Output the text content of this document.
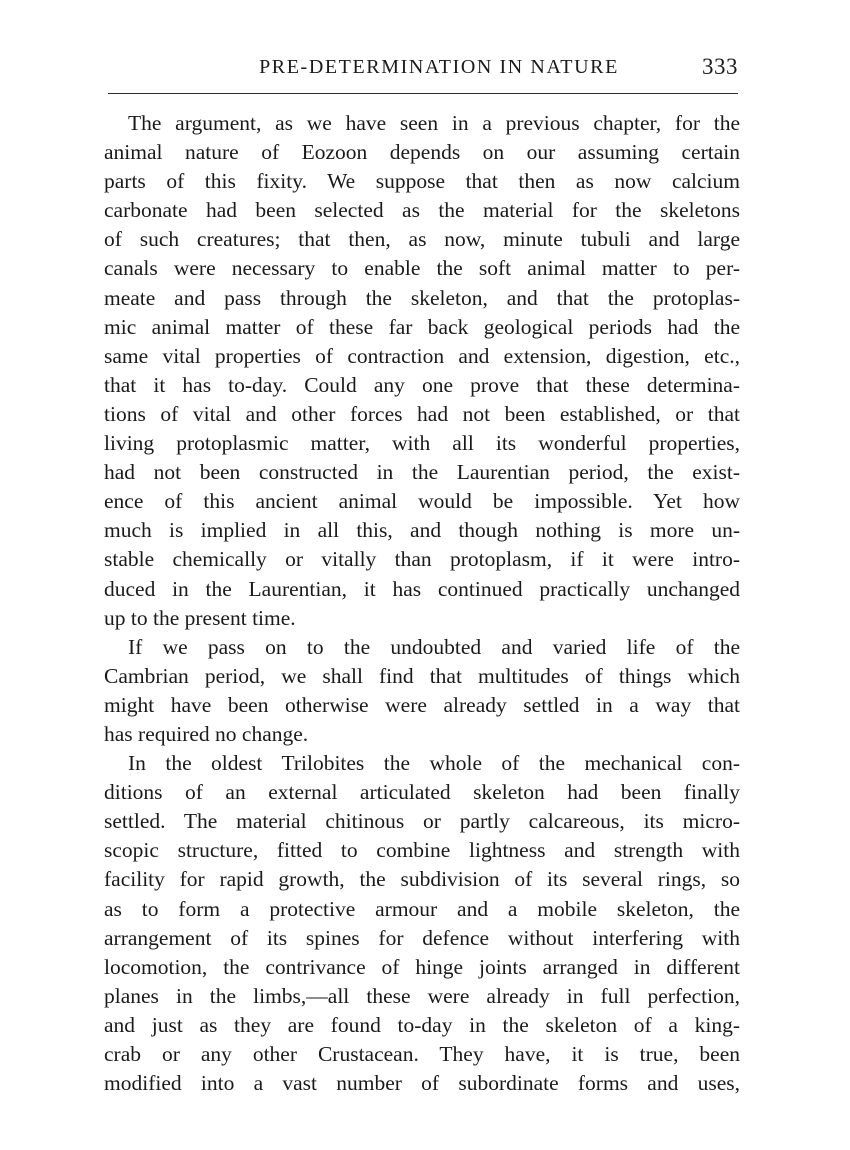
PRE-DETERMINATION IN NATURE	333
The argument, as we have seen in a previous chapter, for the
animal nature of Eozoon depends on our assuming certain
parts of this fixity. We suppose that then as now calcium
carbonate had been selected as the material for the skeletons
of such creatures; that then, as now, minute tubuli and large
canals were necessary to enable the soft animal matter to per-
meate and pass through the skeleton, and that the protoplas-
mic animal matter of these far back geological periods had the
same vital properties of contraction and extension, digestion, etc.,
that it has to-day. Could any one prove that these determina-
tions of vital and other forces had not been established, or that
living protoplasmic matter, with all its wonderful properties,
had not been constructed in the Laurentian period, the exist-
ence of this ancient animal would be impossible. Yet how
much is implied in all this, and though nothing is more un-
stable chemically or vitally than protoplasm, if it were intro-
duced in the Laurentian, it has continued practically unchanged
up to the present time.
If we pass on to the undoubted and varied life of the
Cambrian period, we shall find that multitudes of things which
might have been otherwise were already settled in a way that
has required no change.
In the oldest Trilobites the whole of the mechanical con-
ditions of an external articulated skeleton had been finally
settled. The material chitinous or partly calcareous, its micro-
scopic structure, fitted to combine lightness and strength with
facility for rapid growth, the subdivision of its several rings, so
as to form a protective armour and a mobile skeleton, the
arrangement of its spines for defence without interfering with
locomotion, the contrivance of hinge joints arranged in different
planes in the limbs,—all these were already in full perfection,
and just as they are found to-day in the skeleton of a king-
crab or any other Crustacean. They have, it is true, been
modified into a vast number of subordinate forms and uses,
